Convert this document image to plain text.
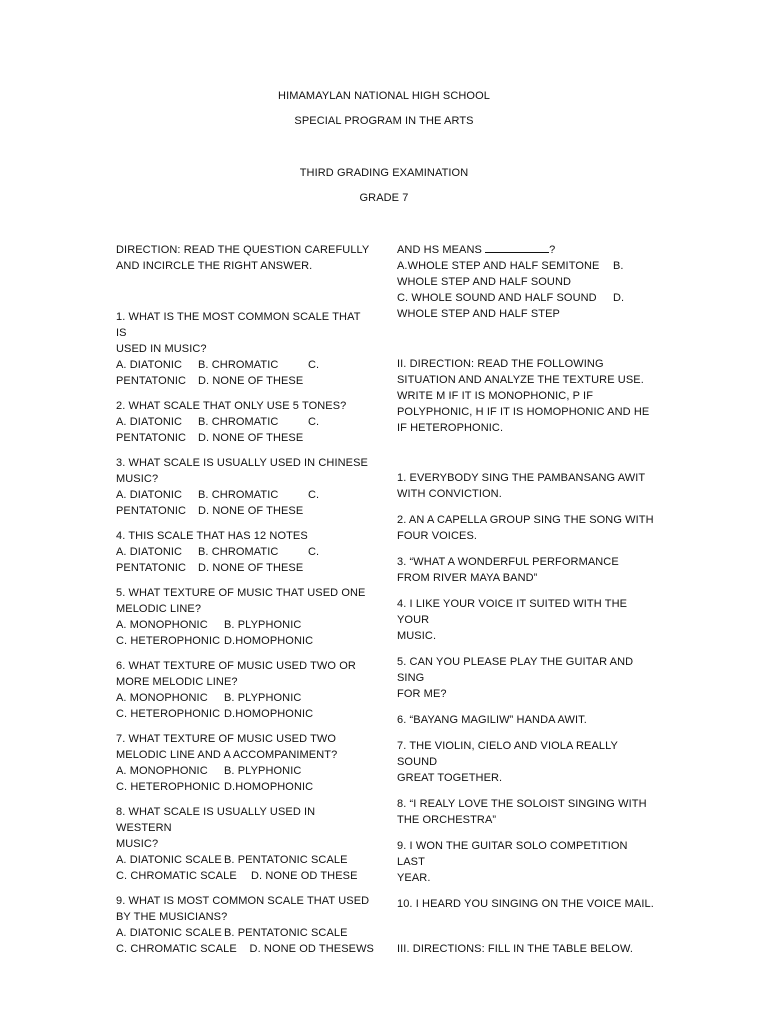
HIMAMAYLAN NATIONAL HIGH SCHOOL
SPECIAL PROGRAM IN THE ARTS
THIRD GRADING EXAMINATION
GRADE 7

DIRECTION: READ THE QUESTION CAREFULLY

AND INCIRCLE THE RIGHT ANSWER.

1. WHAT IS THE MOST COMMON SCALE THAT IS
USED IN MUSIC?
A. DIATONIC	B. CHROMATIC	C.
PENTATONIC	D. NONE OF THESE
2. WHAT SCALE THAT ONLY USE 5 TONES?
A. DIATONIC	B. CHROMATIC	C.
PENTATONIC	D. NONE OF THESE
3. WHAT SCALE IS USUALLY USED IN CHINESE
MUSIC?
A. DIATONIC	B. CHROMATIC	C.
PENTATONIC	D. NONE OF THESE
4. THIS SCALE THAT HAS 12 NOTES
A. DIATONIC	B. CHROMATIC	C.
PENTATONIC	D. NONE OF THESE
5. WHAT TEXTURE OF MUSIC THAT USED ONE
MELODIC LINE?
A. MONOPHONIC	B. PLYPHONIC
C. HETEROPHONIC D.HOMOPHONIC
6. WHAT TEXTURE OF MUSIC USED TWO OR
MORE MELODIC LINE?
A. MONOPHONIC	B. PLYPHONIC
C. HETEROPHONIC D.HOMOPHONIC
7. WHAT TEXTURE OF MUSIC USED TWO
MELODIC LINE AND A ACCOMPANIMENT?
A. MONOPHONIC	B. PLYPHONIC
C. HETEROPHONIC D.HOMOPHONIC
8. WHAT SCALE IS USUALLY USED IN WESTERN
MUSIC?
A. DIATONIC SCALE B. PENTATONIC SCALE
C. CHROMATIC SCALE	D. NONE OD THESE
9. WHAT IS MOST COMMON SCALE THAT USED
BY THE MUSICIANS?
A. DIATONIC SCALE B. PENTATONIC SCALE
C. CHROMATIC SCALE	D. NONE OD THESEWS
AND HS MEANS	?
A.WHOLE STEP AND HALF SEMITONE	B.
WHOLE STEP AND HALF SOUND
C. WHOLE SOUND AND HALF SOUND	D.
WHOLE STEP AND HALF STEP

II. DIRECTION: READ THE FOLLOWING

SITUATION AND ANALYZE THE TEXTURE USE.

WRITE M IF IT IS MONOPHONIC, P IF

POLYPHONIC, H IF IT IS HOMOPHONIC AND HE

IF HETEROPHONIC.

1. EVERYBODY SING THE PAMBANSANG AWIT
WITH CONVICTION.
2. AN A CAPELLA GROUP SING THE SONG WITH
FOUR VOICES.
3. “WHAT A WONDERFUL PERFORMANCE
FROM RIVER MAYA BAND”
4. I LIKE YOUR VOICE IT SUITED WITH THE YOUR
MUSIC.
5. CAN YOU PLEASE PLAY THE GUITAR AND SING
FOR ME?
6. “BAYANG MAGILIW” HANDA AWIT.
7. THE VIOLIN, CIELO AND VIOLA REALLY SOUND
GREAT TOGETHER.
8. “I REALY LOVE THE SOLOIST SINGING WITH
THE ORCHESTRA”
9. I WON THE GUITAR SOLO COMPETITION LAST
YEAR.
10. I HEARD YOU SINGING ON THE VOICE MAIL.

III. DIRECTIONS: FILL IN THE TABLE BELOW.
